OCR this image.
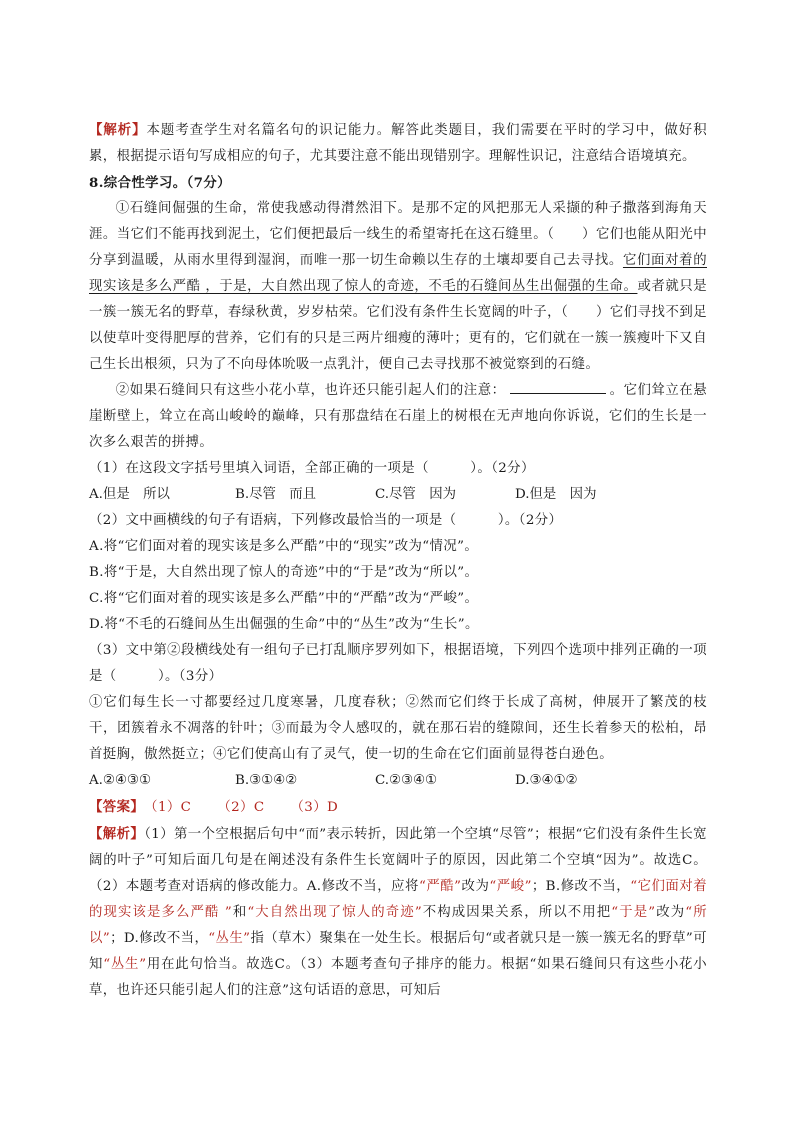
【解析】本题考查学生对名篇名句的识记能力。解答此类题目，我们需要在平时的学习中，做好积累，根据提示语句写成相应的句子，尤其要注意不能出现错别字。理解性识记，注意结合语境填充。

8.综合性学习。（7分）

①石缝间倔强的生命，常使我感动得潸然泪下。是那不定的风把那无人采撷的种子撒落到海角天涯。当它们不能再找到泥土，它们便把最后一线生的希望寄托在这石缝里。（　　）它们也能从阳光中分享到温暖，从雨水里得到湿润，而唯一那一切生命赖以生存的土壤却要自己去寻找。它们面对着的现实该是多么严酷 ，于是，大自然出现了惊人的奇迹，不毛的石缝间丛生出倔强的生命。或者就只是一簇一簇无名的野草，春绿秋黄，岁岁枯荣。它们没有条件生长宽阔的叶子，（　　）它们寻找不到足以使草叶变得肥厚的营养，它们有的只是三两片细瘦的薄叶；更有的，它们就在一簇一簇瘦叶下又自己生长出根须，只为了不向母体吮吸一点乳汁，便自己去寻找那不被觉察到的石缝。

②如果石缝间只有这些小花小草，也许还只能引起人们的注意：	。它们耸立在悬崖断壁上，耸立在高山峻岭的巅峰，只有那盘结在石崖上的树根在无声地向你诉说，它们的生长是一次多么艰苦的拼搏。

（1）在这段文字括号里填入词语，全部正确的一项是（　　　）。（2分）

A.但是　所以	B.尽管　而且	C.尽管　因为	D.但是　因为

（2）文中画横线的句子有语病，下列修改最恰当的一项是（　　　）。（2分）

A.将“它们面对着的现实该是多么严酷”中的“现实”改为“情况”。

B.将“于是，大自然出现了惊人的奇迹”中的“于是”改为“所以”。

C.将“它们面对着的现实该是多么严酷”中的“严酷”改为“严峻”。

D.将“不毛的石缝间丛生出倔强的生命”中的“丛生”改为“生长”。

（3）文中第②段横线处有一组句子已打乱顺序罗列如下，根据语境，下列四个选项中排列正确的一项是（　　　）。（3分）

①它们每生长一寸都要经过几度寒暑，几度春秋；②然而它们终于长成了高树，伸展开了繁茂的枝干，团簇着永不凋落的针叶；③而最为令人感叹的，就在那石岩的缝隙间，还生长着参天的松柏，昂首挺胸，傲然挺立；④它们使高山有了灵气，使一切的生命在它们面前显得苍白逊色。

A.②④③①	B.③①④②	C.②③④①	D.③④①②

【答案】（1）C （2）C （3）D

【解析】（1）第一个空根据后句中“而”表示转折，因此第一个空填“尽管”；根据“它们没有条件生长宽阔的叶子”可知后面几句是在阐述没有条件生长宽阔叶子的原因，因此第二个空填“因为”。故选C。（2）本题考查对语病的修改能力。A.修改不当，应将“严酷”改为“严峻”；B.修改不当，“它们面对着的现实该是多么严酷 ”和“大自然出现了惊人的奇迹”不构成因果关系，所以不用把“于是”改为“所以”；D.修改不当，“丛生”指（草木）聚集在一处生长。根据后句“或者就只是一簇一簇无名的野草”可知“丛生”用在此句恰当。故选C。（3）本题考查句子排序的能力。根据“如果石缝间只有这些小花小草，也许还只能引起人们的注意”这句话语的意思，可知后
